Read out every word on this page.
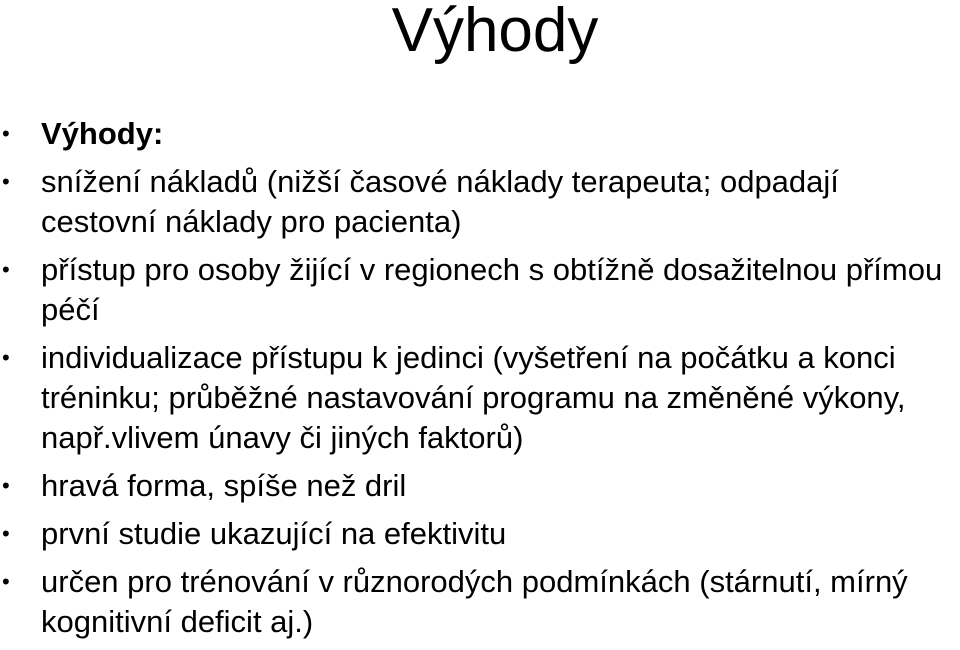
Výhody
• Výhody:
• snížení nákladů (nižší časové náklady terapeuta; odpadají cestovní náklady pro pacienta)
• přístup pro osoby žijící v regionech s obtížně dosažitelnou přímou péčí
• individualizace přístupu k jedinci (vyšetření na počátku a konci tréninku; průběžné nastavování programu na změněné výkony, např.vlivem únavy či jiných faktorů)
• hravá forma, spíše než dril
• první studie ukazující na efektivitu
• určen pro trénování v různorodých podmínkách (stárnutí, mírný kognitivní deficit aj.)
